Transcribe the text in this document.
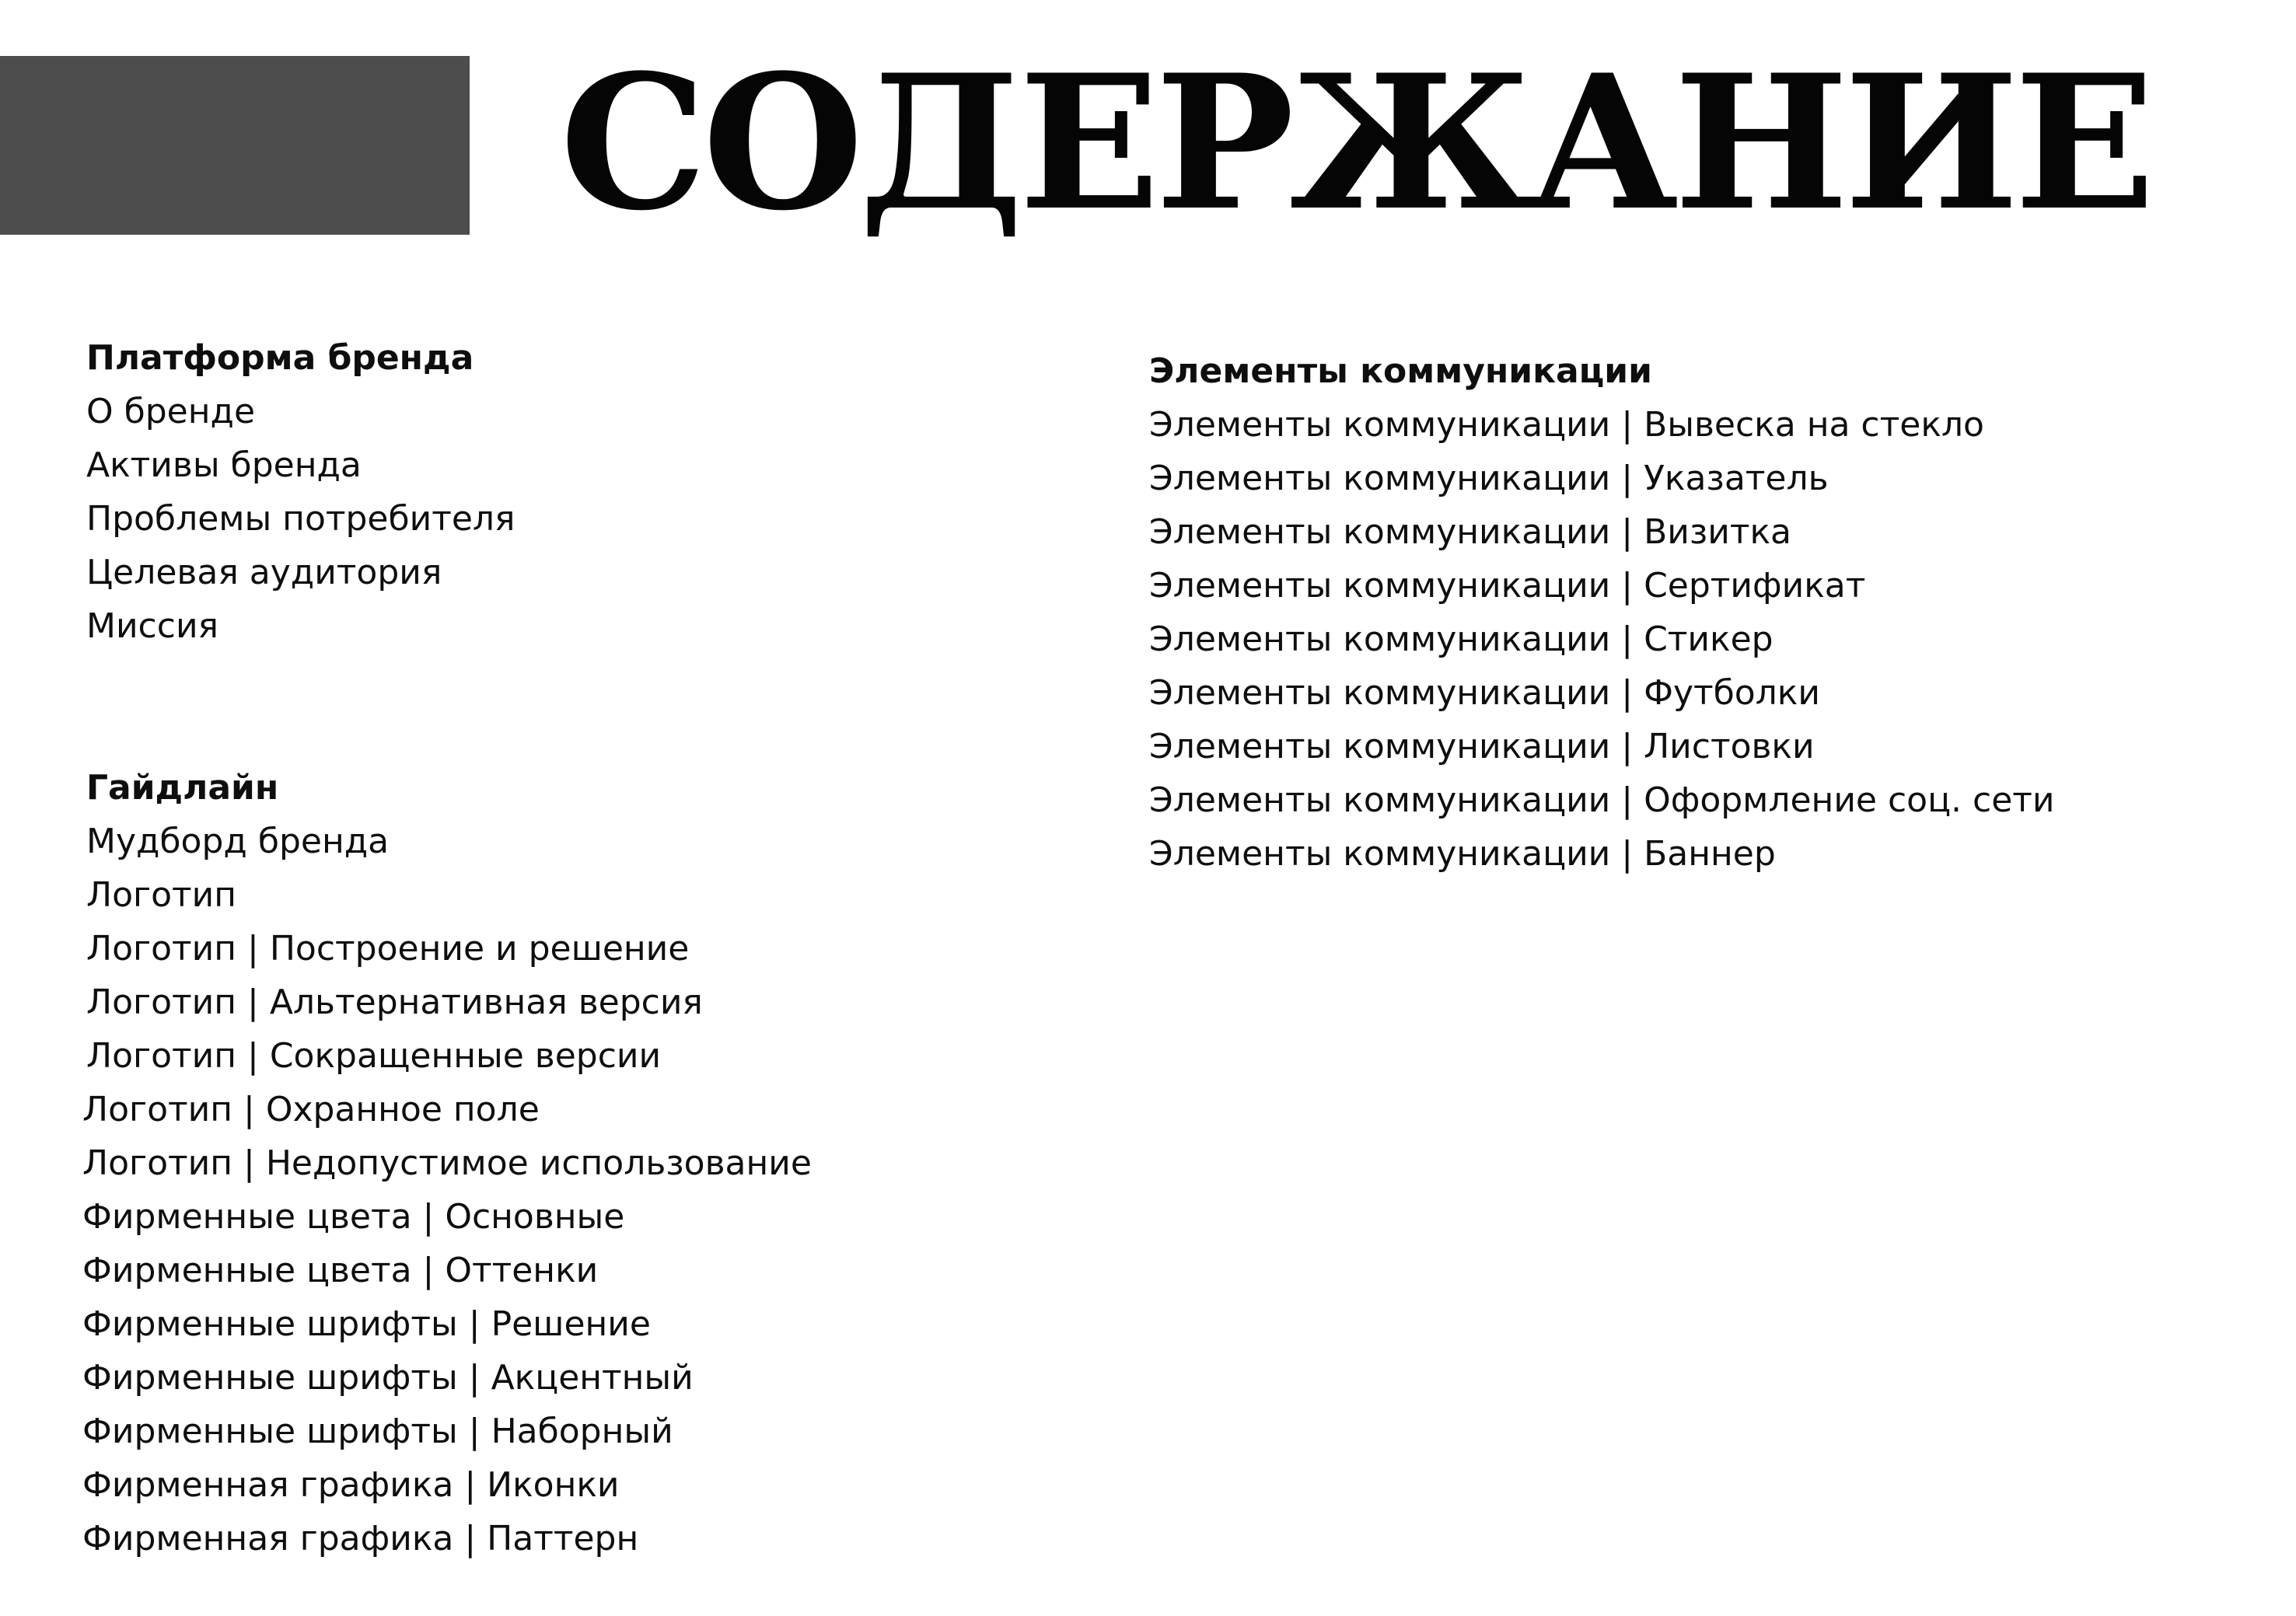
СОДЕРЖАНИЕ
Платформа бренда
О бренде
Активы бренда
Проблемы потребителя
Целевая аудитория
Миссия
Гайдлайн
Мудборд бренда
Логотип
Логотип | Построение и решение
Логотип | Альтернативная версия
Логотип | Сокращенные версии
Логотип | Охранное поле
Логотип | Недопустимое использование
Фирменные цвета | Основные
Фирменные цвета | Оттенки
Фирменные шрифты | Решение
Фирменные шрифты | Акцентный
Фирменные шрифты | Наборный
Фирменная графика | Иконки
Фирменная графика | Паттерн
Элементы коммуникации
Элементы коммуникации | Вывеска на стекло
Элементы коммуникации | Указатель
Элементы коммуникации | Визитка
Элементы коммуникации | Сертификат
Элементы коммуникации | Стикер
Элементы коммуникации | Футболки
Элементы коммуникации | Листовки
Элементы коммуникации | Оформление соц. сети
Элементы коммуникации | Баннер
